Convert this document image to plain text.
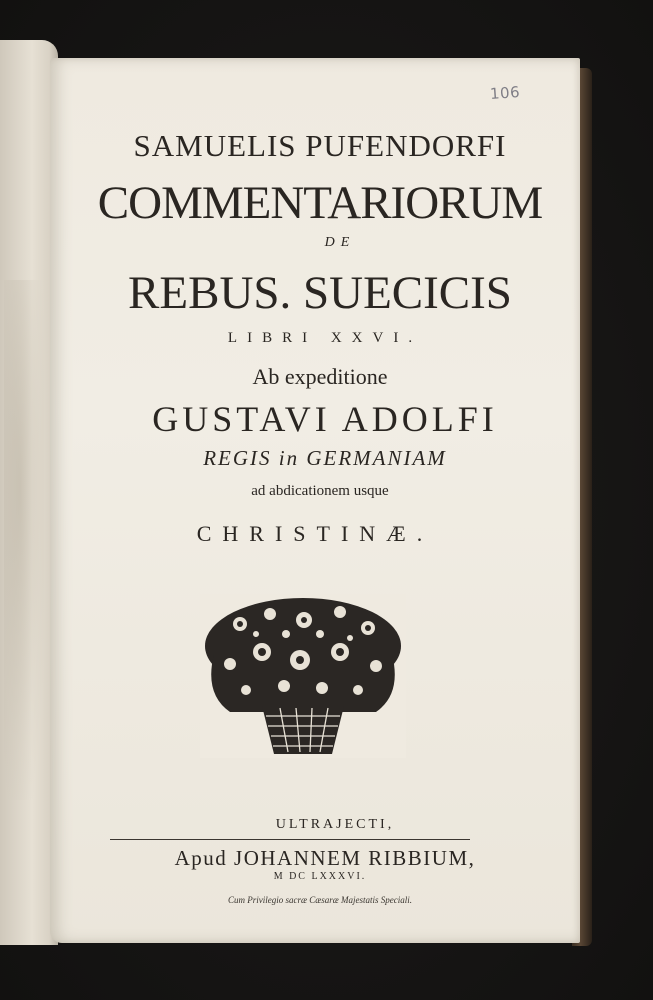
106

SAMUELIS PUFENDORFI

COMMENTARIORUM

DE

REBUS. SUECICIS

LIBRI XXVI.

Ab expeditione

GUSTAVI ADOLFI

REGIS in GERMANIAM

ad abdicationem usque

CHRISTINÆ.

ULTRAJECTI,

Apud JOHANNEM RIBBIUM,

M DC LXXXVI.

Cum Privilegio sacræ Cæsaræ Majestatis Speciali.
